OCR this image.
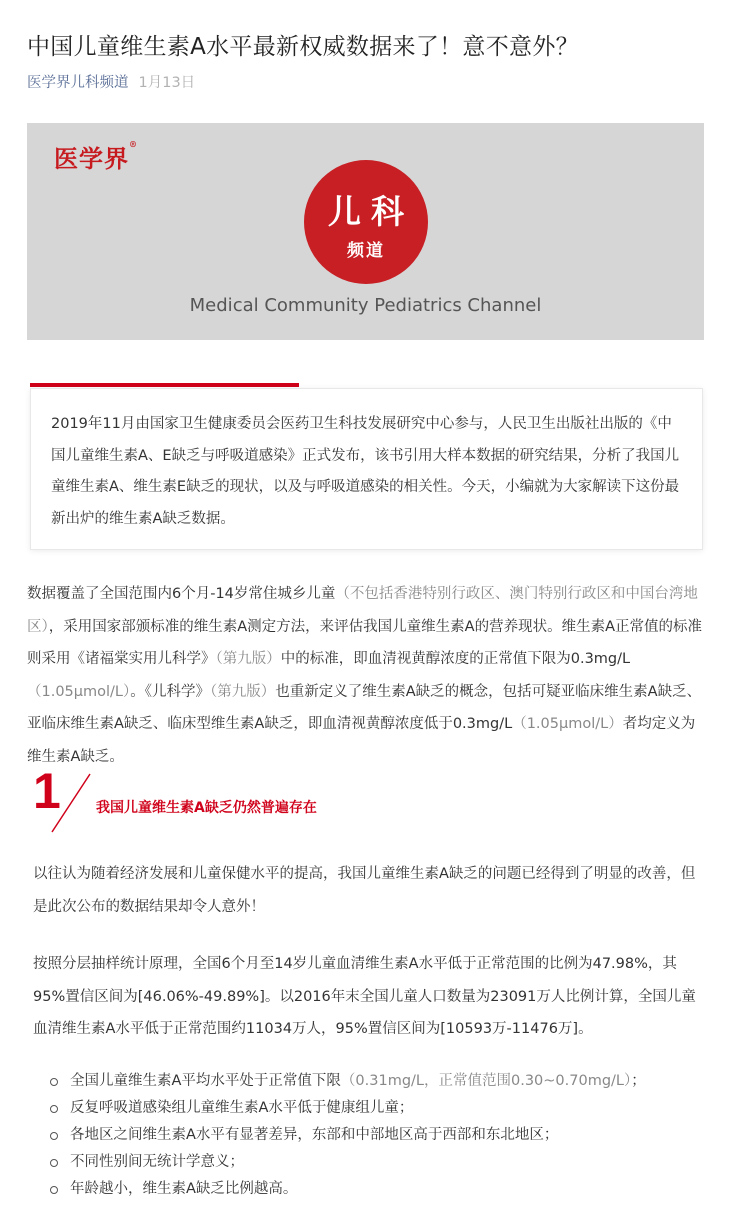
中国儿童维生素A水平最新权威数据来了！意不意外？
医学界儿科频道 1月13日
医学界®
儿科
频道
Medical Community Pediatrics Channel

2019年11月由国家卫生健康委员会医药卫生科技发展研究中心参与，人民卫生出版社出版的《中国儿童维生素A、E缺乏与呼吸道感染》正式发布，该书引用大样本数据的研究结果，分析了我国儿童维生素A、维生素E缺乏的现状，以及与呼吸道感染的相关性。今天，小编就为大家解读下这份最新出炉的维生素A缺乏数据。

数据覆盖了全国范围内6个月-14岁常住城乡儿童（不包括香港特别行政区、澳门特别行政区和中国台湾地区），采用国家部颁标准的维生素A测定方法，来评估我国儿童维生素A的营养现状。维生素A正常值的标准则采用《诸福棠实用儿科学》（第九版）中的标准，即血清视黄醇浓度的正常值下限为0.3mg/L（1.05μmol/L）。《儿科学》（第九版）也重新定义了维生素A缺乏的概念，包括可疑亚临床维生素A缺乏、亚临床维生素A缺乏、临床型维生素A缺乏，即血清视黄醇浓度低于0.3mg/L（1.05μmol/L）者均定义为维生素A缺乏。

1	我国儿童维生素A缺乏仍然普遍存在

以往认为随着经济发展和儿童保健水平的提高，我国儿童维生素A缺乏的问题已经得到了明显的改善，但是此次公布的数据结果却令人意外！

按照分层抽样统计原理，全国6个月至14岁儿童血清维生素A水平低于正常范围的比例为47.98%，其95%置信区间为[46.06%-49.89%]。以2016年末全国儿童人口数量为23091万人比例计算，全国儿童血清维生素A水平低于正常范围约11034万人，95%置信区间为[10593万-11476万]。

全国儿童维生素A平均水平处于正常值下限（0.31mg/L，正常值范围0.30~0.70mg/L）；
反复呼吸道感染组儿童维生素A水平低于健康组儿童；
各地区之间维生素A水平有显著差异，东部和中部地区高于西部和东北地区；
不同性别间无统计学意义；
年龄越小，维生素A缺乏比例越高。
